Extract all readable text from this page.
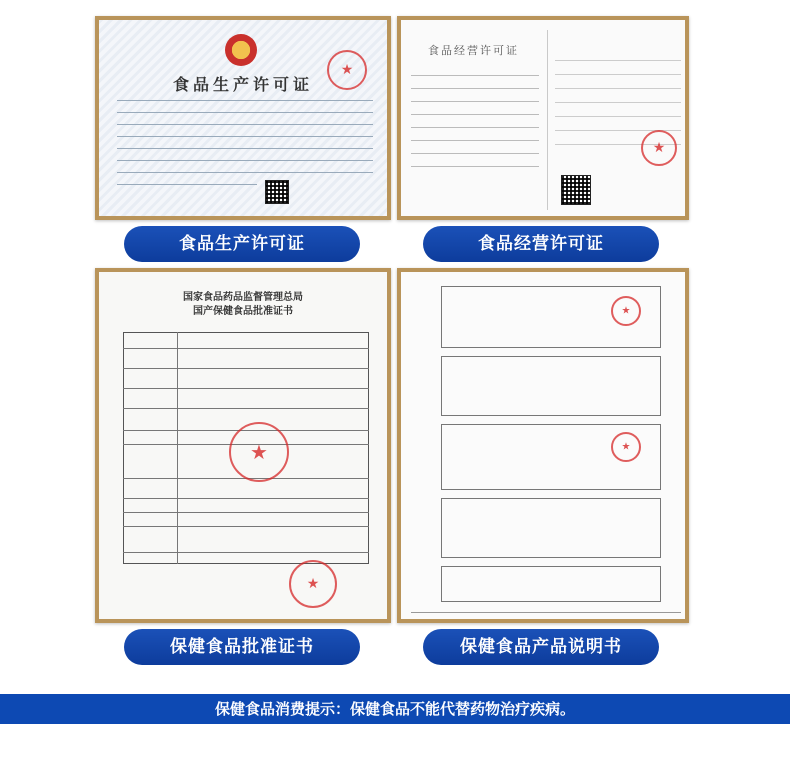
食品生产许可证
★
食品经营许可证
★
国家食品药品监督管理总局
国产保健食品批准证书
★
★
★
★
食品生产许可证	食品经营许可证
保健食品批准证书	保健食品产品说明书
保健食品消费提示：保健食品不能代替药物治疗疾病。
